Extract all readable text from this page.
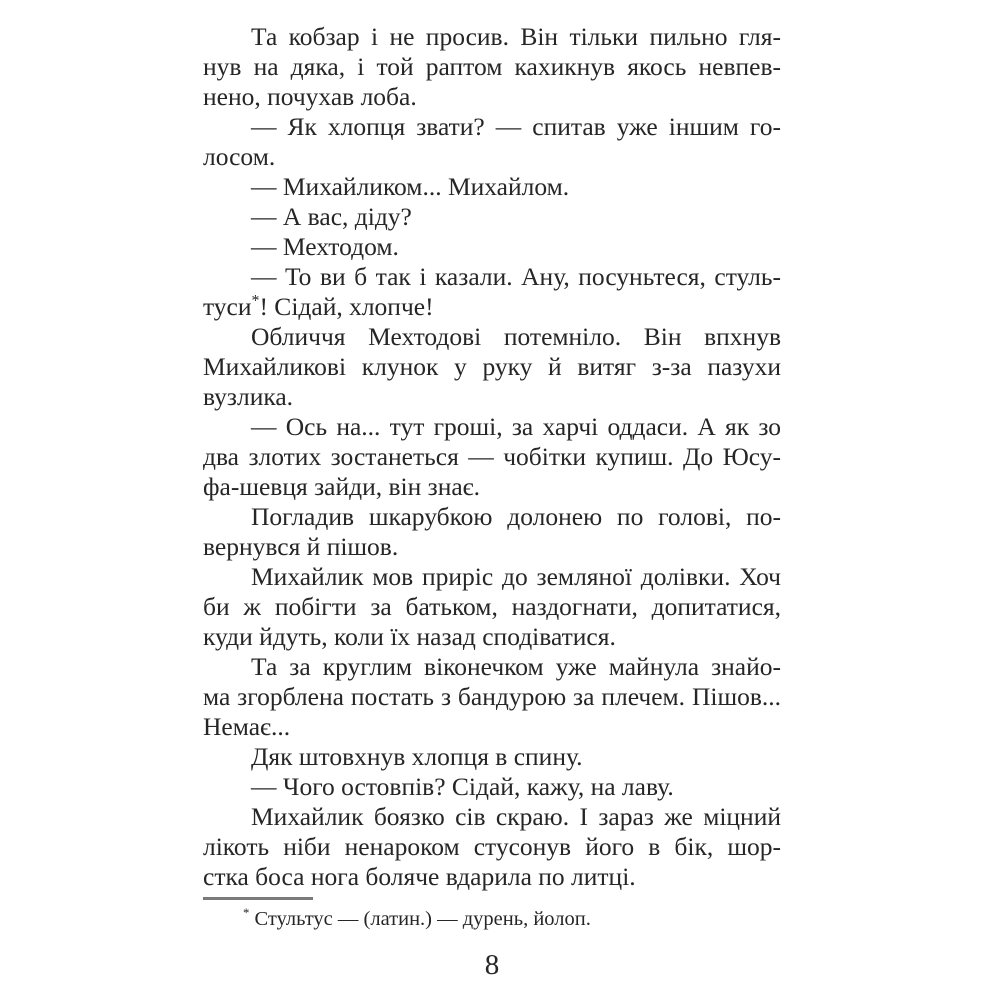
Та кобзар і не просив. Він тільки пильно гля-
нув на дяка, і той раптом кахикнув якось невпев-
нено, почухав лоба.
— Як хлопця звати? — спитав уже іншим го-
лосом.
— Михайликом... Михайлом.
— А вас, діду?
— Мехтодом.
— То ви б так і казали. Ану, посуньтеся, стуль-
туси*! Сідай, хлопче!
Обличчя Мехтодові потемніло. Він впхнув
Михайликові клунок у руку й витяг з-за пазухи
вузлика.
— Ось на... тут гроші, за харчі оддаси. А як зо
два злотих зостанеться — чобітки купиш. До Юсу-
фа-шевця зайди, він знає.
Погладив шкарубкою долонею по голові, по-
вернувся й пішов.
Михайлик мов приріс до земляної долівки. Хоч
би ж побігти за батьком, наздогнати, допитатися,
куди йдуть, коли їх назад сподіватися.
Та за круглим віконечком уже майнула знайо-
ма згорблена постать з бандурою за плечем. Пішов...
Немає...
Дяк штовхнув хлопця в спину.
— Чого остовпів? Сідай, кажу, на лаву.
Михайлик боязко сів скраю. І зараз же міцний
лікоть ніби ненароком стусонув його в бік, шор-
стка боса нога боляче вдарила по литці.
* Стультус — (латин.) — дурень, йолоп.
8
